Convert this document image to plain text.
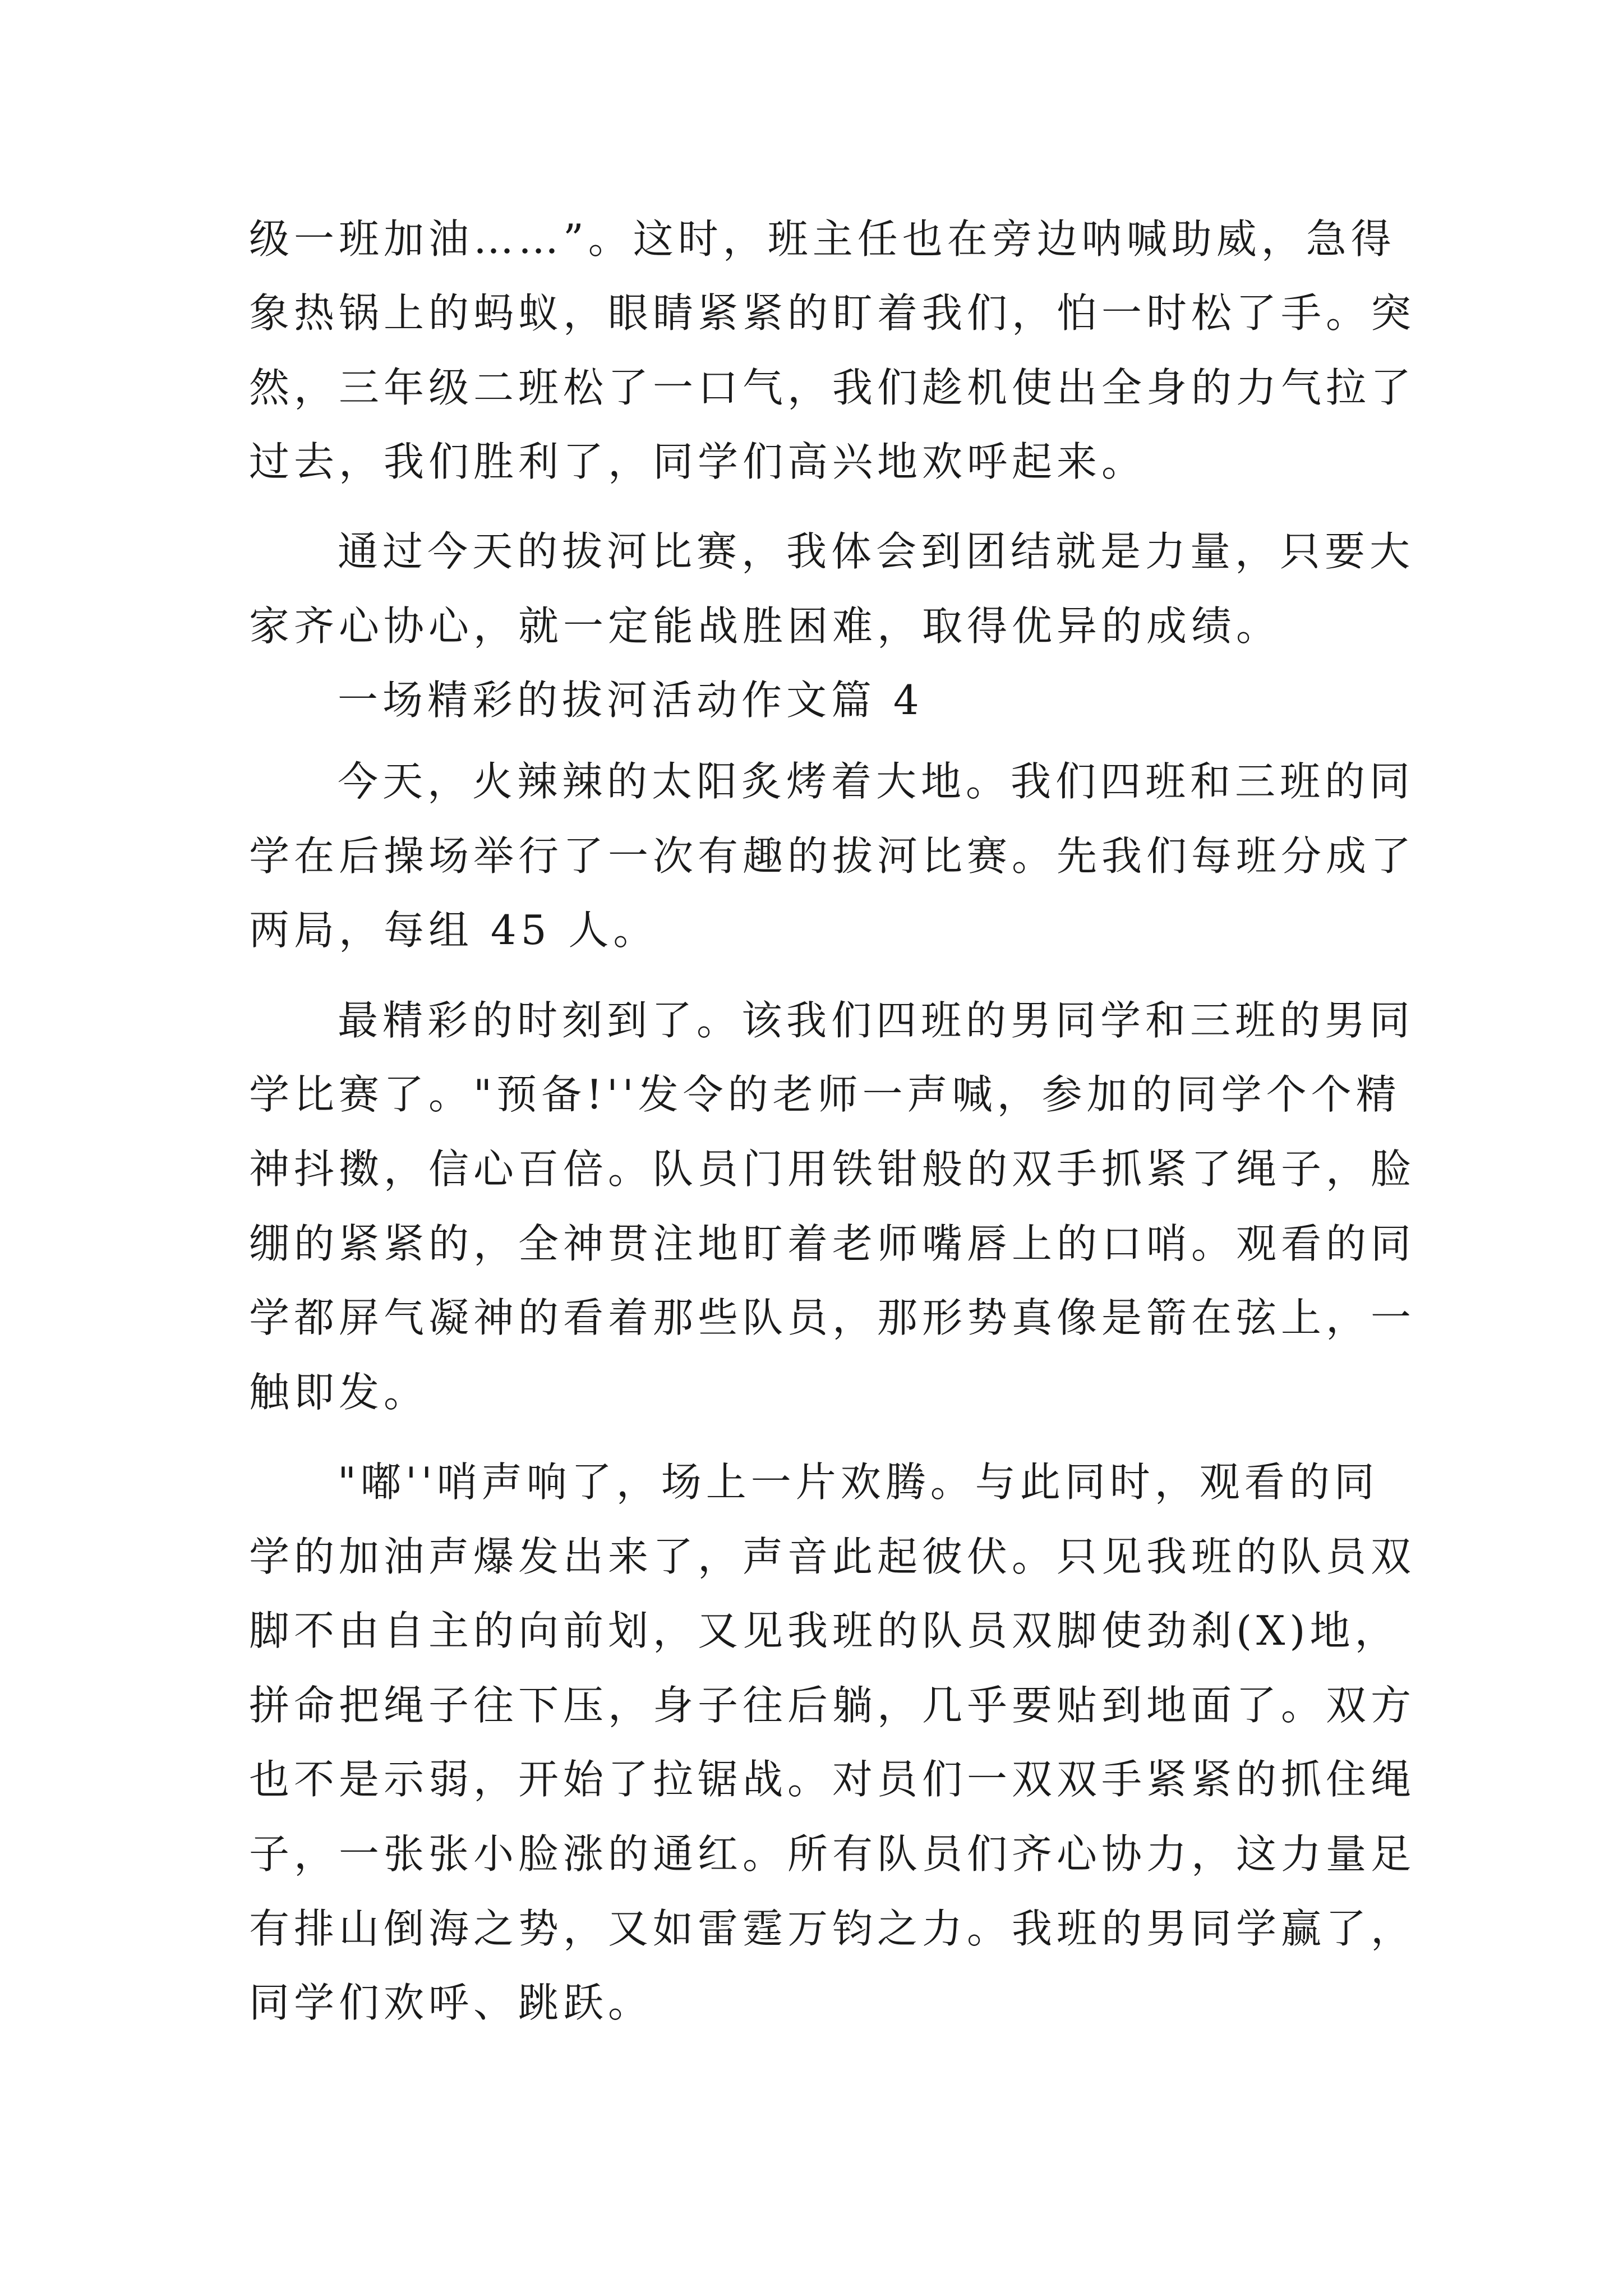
级一班加油……”。这时，班主任也在旁边呐喊助威，急得
象热锅上的蚂蚁，眼睛紧紧的盯着我们，怕一时松了手。突
然，三年级二班松了一口气，我们趁机使出全身的力气拉了
过去，我们胜利了，同学们高兴地欢呼起来。
通过今天的拔河比赛，我体会到团结就是力量，只要大
家齐心协心，就一定能战胜困难，取得优异的成绩。
一场精彩的拔河活动作文篇 4
今天，火辣辣的太阳炙烤着大地。我们四班和三班的同
学在后操场举行了一次有趣的拔河比赛。先我们每班分成了
两局，每组 45 人。
最精彩的时刻到了。该我们四班的男同学和三班的男同
学比赛了。"预备!''发令的老师一声喊，参加的同学个个精
神抖擞，信心百倍。队员门用铁钳般的双手抓紧了绳子，脸
绷的紧紧的，全神贯注地盯着老师嘴唇上的口哨。观看的同
学都屏气凝神的看着那些队员，那形势真像是箭在弦上，一
触即发。
"嘟''哨声响了，场上一片欢腾。与此同时，观看的同
学的加油声爆发出来了，声音此起彼伏。只见我班的队员双
脚不由自主的向前划，又见我班的队员双脚使劲刹(X)地，
拼命把绳子往下压，身子往后躺，几乎要贴到地面了。双方
也不是示弱，开始了拉锯战。对员们一双双手紧紧的抓住绳
子，一张张小脸涨的通红。所有队员们齐心协力，这力量足
有排山倒海之势，又如雷霆万钧之力。我班的男同学赢了，
同学们欢呼、跳跃。
